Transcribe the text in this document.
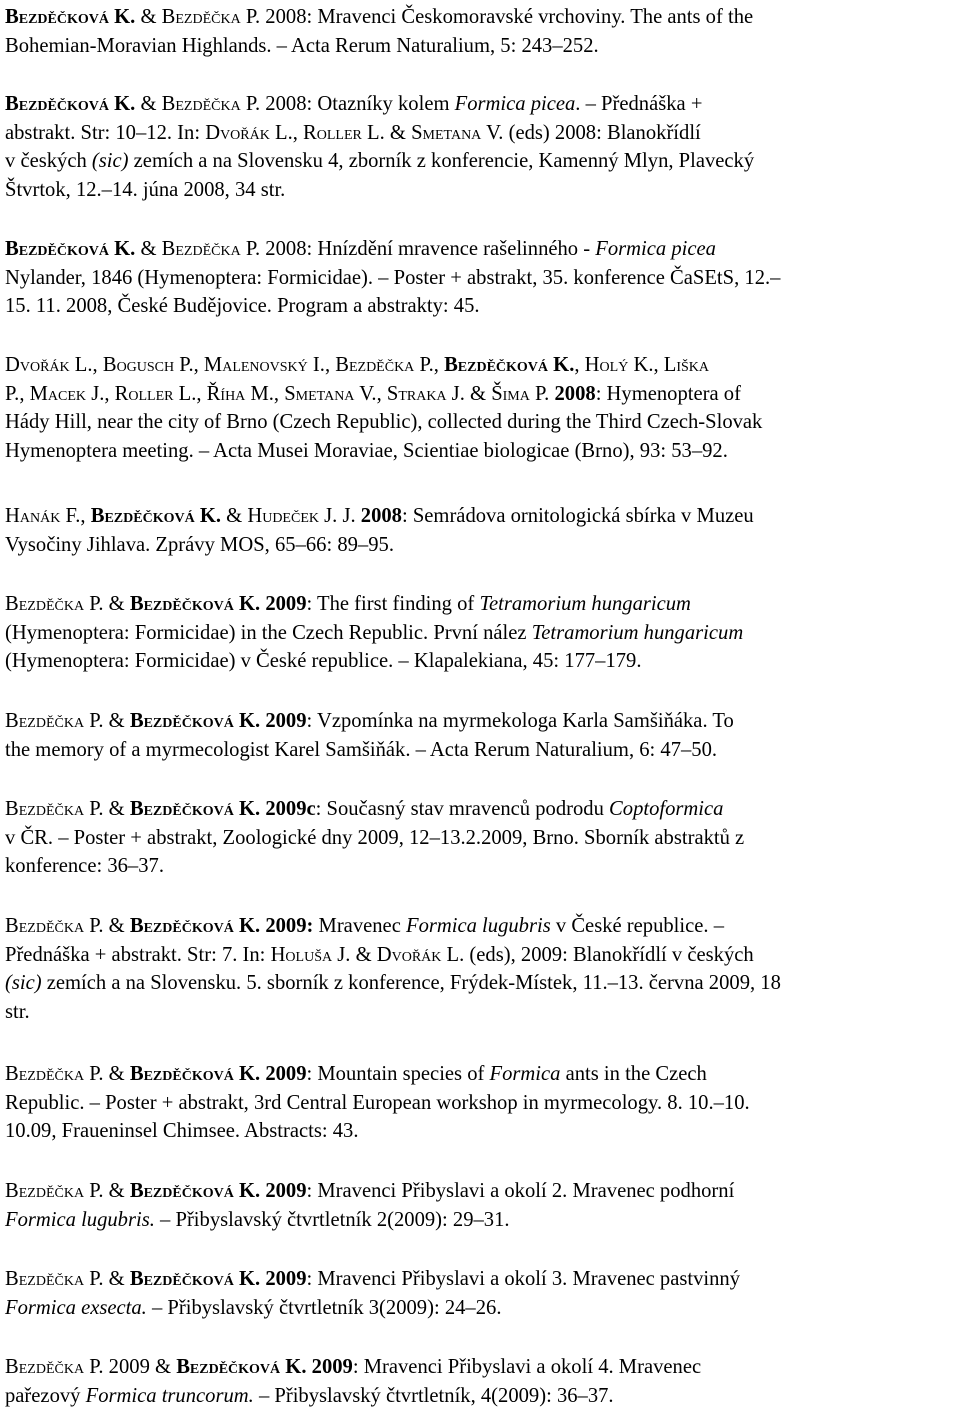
Bezděčková K. & Bezděčka P. 2008: Mravenci Českomoravské vrchoviny. The ants of the
Bohemian-Moravian Highlands. – Acta Rerum Naturalium, 5: 243–252.
Bezděčková K. & Bezděčka P. 2008: Otazníky kolem Formica picea. – Přednáška +
abstrakt. Str: 10–12. In: Dvořák L., Roller L. & Smetana V. (eds) 2008: Blanokřídlí
v českých (sic) zemích a na Slovensku 4, zborník z konferencie, Kamenný Mlyn, Plavecký
Štvrtok, 12.–14. júna 2008, 34 str.
Bezděčková K. & Bezděčka P. 2008: Hnízdění mravence rašelinného - Formica picea
Nylander, 1846 (Hymenoptera: Formicidae). – Poster + abstrakt, 35. konference ČaSEtS, 12.–
15. 11. 2008, České Budějovice. Program a abstrakty: 45.
Dvořák L., Bogusch P., Malenovský I., Bezděčka P., Bezděčková K., Holý K., Liška
P., Macek J., Roller L., Říha M., Smetana V., Straka J. & Šima P. 2008: Hymenoptera of
Hády Hill, near the city of Brno (Czech Republic), collected during the Third Czech-Slovak
Hymenoptera meeting. – Acta Musei Moraviae, Scientiae biologicae (Brno), 93: 53–92.
Hanák F., Bezděčková K. & Hudeček J. J. 2008: Semrádova ornitologická sbírka v Muzeu
Vysočiny Jihlava. Zprávy MOS, 65–66: 89–95.
Bezděčka P. & Bezděčková K. 2009: The first finding of Tetramorium hungaricum
(Hymenoptera: Formicidae) in the Czech Republic. První nález Tetramorium hungaricum
(Hymenoptera: Formicidae) v České republice. – Klapalekiana, 45: 177–179.
Bezděčka P. & Bezděčková K. 2009: Vzpomínka na myrmekologa Karla Samšiňáka. To
the memory of a myrmecologist Karel Samšiňák. – Acta Rerum Naturalium, 6: 47–50.
Bezděčka P. & Bezděčková K. 2009c: Současný stav mravenců podrodu Coptoformica
v ČR. – Poster + abstrakt, Zoologické dny 2009, 12–13.2.2009, Brno. Sborník abstraktů z
konference: 36–37.
Bezděčka P. & Bezděčková K. 2009: Mravenec Formica lugubris v České republice. –
Přednáška + abstrakt. Str: 7. In: Holuša J. & Dvořák L. (eds), 2009: Blanokřídlí v českých
(sic) zemích a na Slovensku. 5. sborník z konference, Frýdek-Místek, 11.–13. června 2009, 18
str.
Bezděčka P. & Bezděčková K. 2009: Mountain species of Formica ants in the Czech
Republic. – Poster + abstrakt, 3rd Central European workshop in myrmecology. 8. 10.–10.
10.09, Fraueninsel Chimsee. Abstracts: 43.
Bezděčka P. & Bezděčková K. 2009: Mravenci Přibyslavi a okolí 2. Mravenec podhorní
Formica lugubris. – Přibyslavský čtvrtletník 2(2009): 29–31.
Bezděčka P. & Bezděčková K. 2009: Mravenci Přibyslavi a okolí 3. Mravenec pastvinný
Formica exsecta. – Přibyslavský čtvrtletník 3(2009): 24–26.
Bezděčka P. 2009 & Bezděčková K. 2009: Mravenci Přibyslavi a okolí 4. Mravenec
pařezový Formica truncorum. – Přibyslavský čtvrtletník, 4(2009): 36–37.
